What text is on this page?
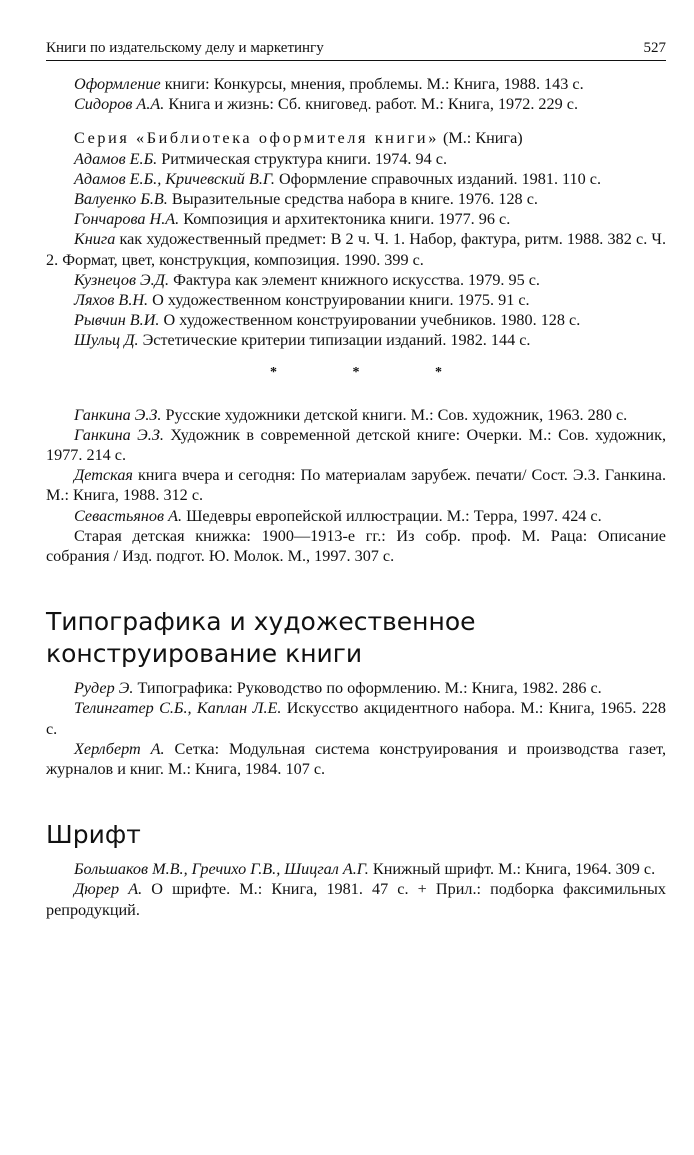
Книги по издательскому делу и маркетингу	527

Оформление книги: Конкурсы, мнения, проблемы. М.: Книга, 1988. 143 с.

Сидоров А.А. Книга и жизнь: Сб. книговед. работ. М.: Книга, 1972. 229 с.

Серия «Библиотека оформителя книги» (М.: Книга)

Адамов Е.Б. Ритмическая структура книги. 1974. 94 с.

Адамов Е.Б., Кричевский В.Г. Оформление справочных изданий. 1981. 110 с.

Валуенко Б.В. Выразительные средства набора в книге. 1976. 128 с.

Гончарова Н.А. Композиция и архитектоника книги. 1977. 96 с.

Книга как художественный предмет: В 2 ч. Ч. 1. Набор, фактура, ритм. 1988. 382 с. Ч. 2. Формат, цвет, конструкция, композиция. 1990. 399 с.

Кузнецов Э.Д. Фактура как элемент книжного искусства. 1979. 95 с.

Ляхов В.Н. О художественном конструировании книги. 1975. 91 с.

Рывчин В.И. О художественном конструировании учебников. 1980. 128 с.

Шульц Д. Эстетические критерии типизации изданий. 1982. 144 с.

* * *

Ганкина Э.З. Русские художники детской книги. М.: Сов. художник, 1963. 280 с.

Ганкина Э.З. Художник в современной детской книге: Очерки. М.: Сов. художник, 1977. 214 с.

Детская книга вчера и сегодня: По материалам зарубеж. печати/ Сост. Э.З. Ганкина. М.: Книга, 1988. 312 с.

Севастьянов А. Шедевры европейской иллюстрации. М.: Терра, 1997. 424 с.

Старая детская книжка: 1900—1913-е гг.: Из собр. проф. М. Раца: Описание собрания / Изд. подгот. Ю. Молок. М., 1997. 307 с.

Типографика и художественное конструирование книги

Рудер Э. Типографика: Руководство по оформлению. М.: Книга, 1982. 286 с.

Телингатер С.Б., Каплан Л.Е. Искусство акцидентного набора. М.: Книга, 1965. 228 с.

Херлберт А. Сетка: Модульная система конструирования и производства газет, журналов и книг. М.: Книга, 1984. 107 с.

Шрифт

Большаков М.В., Гречихо Г.В., Шицгал А.Г. Книжный шрифт. М.: Книга, 1964. 309 с.

Дюрер А. О шрифте. М.: Книга, 1981. 47 с. + Прил.: подборка факсимильных репродукций.
